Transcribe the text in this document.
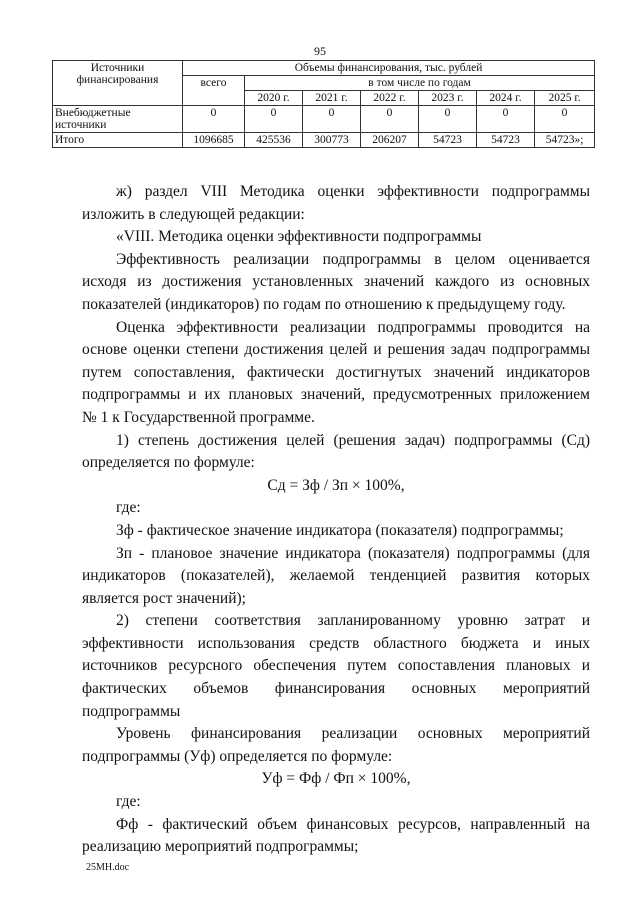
95
Источники финансирования	Объемы финансирования, тыс. рублей						
	всего	в том числе по годам					
		2020 г.	2021 г.	2022 г.	2023 г.	2024 г.	2025 г.
Внебюджетные источники	0	0	0	0	0	0	0
Итого	1096685	425536	300773	206207	54723	54723	54723»;

ж) раздел VIII Методика оценки эффективности подпрограммы

изложить в следующей редакции:

«VIII. Методика оценки эффективности подпрограммы

Эффективность реализации подпрограммы в целом оценивается

исходя из достижения установленных значений каждого из основных

показателей (индикаторов) по годам по отношению к предыдущему году.

Оценка эффективности реализации подпрограммы проводится на

основе оценки степени достижения целей и решения задач подпрограммы

путем сопоставления, фактически достигнутых значений индикаторов

подпрограммы и их плановых значений, предусмотренных приложением

№ 1 к Государственной программе.

1) степень достижения целей (решения задач) подпрограммы (Сд)

определяется по формуле:

Сд = Зф / Зп × 100%,

где:

Зф - фактическое значение индикатора (показателя) подпрограммы;

Зп - плановое значение индикатора (показателя) подпрограммы (для

индикаторов (показателей), желаемой тенденцией развития которых

является рост значений);

2) степени соответствия запланированному уровню затрат и

эффективности использования средств областного бюджета и иных

источников ресурсного обеспечения путем сопоставления плановых и

фактических объемов финансирования основных мероприятий

подпрограммы

Уровень финансирования реализации основных мероприятий

подпрограммы (Уф) определяется по формуле:

Уф = Фф / Фп × 100%,

где:

Фф - фактический объем финансовых ресурсов, направленный на

реализацию мероприятий подпрограммы;

25МН.doc
